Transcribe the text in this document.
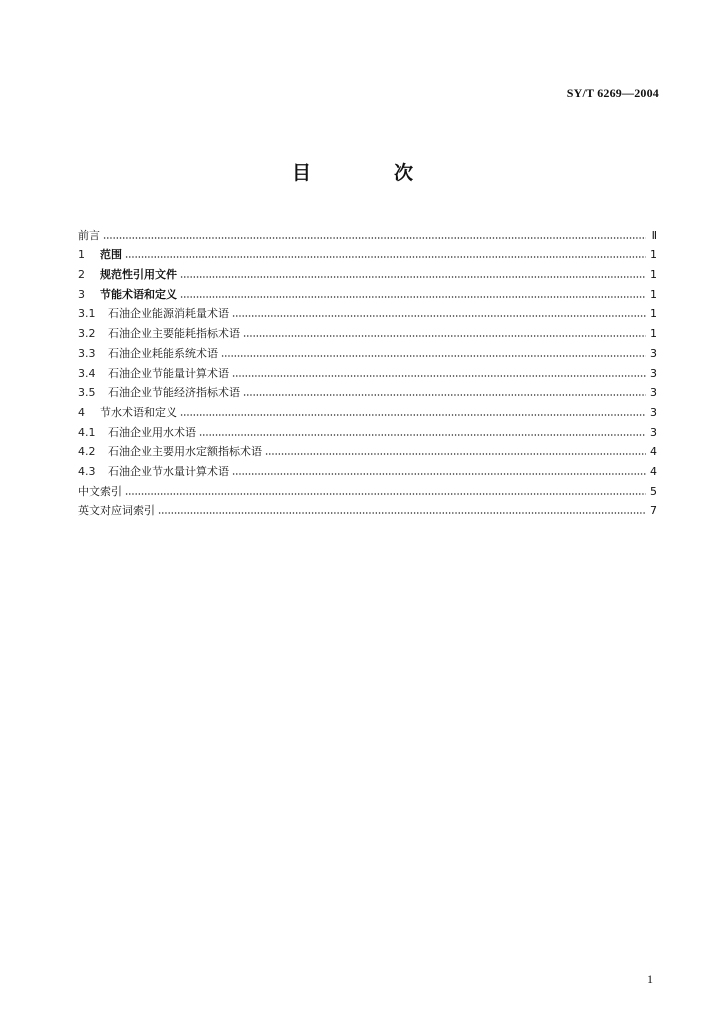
SY/T 6269—2004
目　次
前言	Ⅱ
1	范围	1
2	规范性引用文件	1
3	节能术语和定义	1
3.1	石油企业能源消耗量术语	1
3.2	石油企业主要能耗指标术语	1
3.3	石油企业耗能系统术语	3
3.4	石油企业节能量计算术语	3
3.5	石油企业节能经济指标术语	3
4	节水术语和定义	3
4.1	石油企业用水术语	3
4.2	石油企业主要用水定额指标术语	4
4.3	石油企业节水量计算术语	4
中文索引	5
英文对应词索引	7
1
